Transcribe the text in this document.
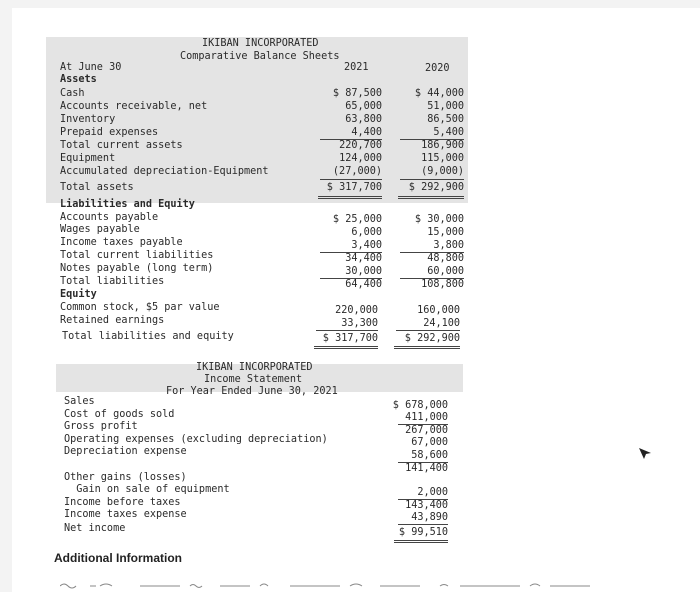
IKIBAN INCORPORATED
Comparative Balance Sheets
At June 30	2021	2020
Assets
Cash	$ 87,500	$ 44,000
Accounts receivable, net	65,000	51,000
Inventory	63,800	86,500
Prepaid expenses	4,400	5,400
Total current assets	220,700	186,900
Equipment	124,000	115,000
Accumulated depreciation-Equipment	(27,000)	(9,000)
Total assets	$ 317,700	$ 292,900
Liabilities and Equity
Accounts payable	$ 25,000	$ 30,000
Wages payable	6,000	15,000
Income taxes payable	3,400	3,800
Total current liabilities	34,400	48,800
Notes payable (long term)	30,000	60,000
Total liabilities	64,400	108,800
Equity
Common stock, $5 par value	220,000	160,000
Retained earnings	33,300	24,100
Total liabilities and equity	$ 317,700	$ 292,900
IKIBAN INCORPORATED
Income Statement
For Year Ended June 30, 2021
Sales	$ 678,000
Cost of goods sold	411,000
Gross profit	267,000
Operating expenses (excluding depreciation)	67,000
Depreciation expense	58,600
141,400
Other gains (losses)
Gain on sale of equipment	2,000
Income before taxes	143,400
Income taxes expense	43,890
Net income	$ 99,510
Additional Information
